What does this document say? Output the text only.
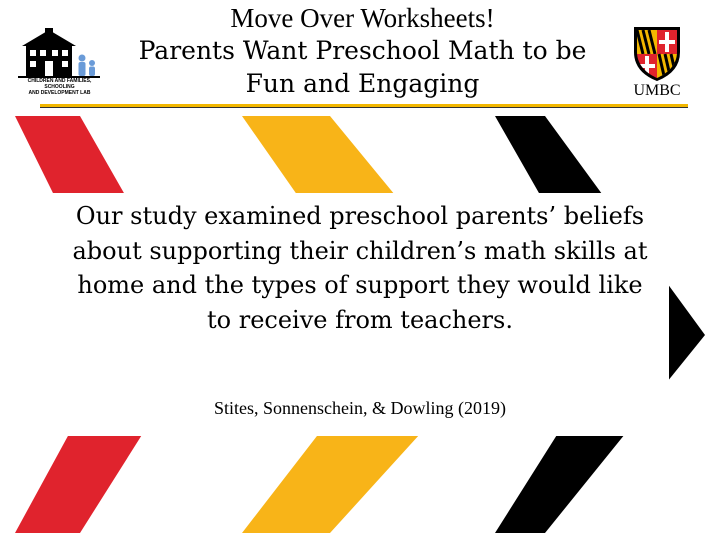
Move Over Worksheets!
Parents Want Preschool Math to be
Fun and Engaging
CHILDREN AND FAMILIES, SCHOOLING
AND DEVELOPMENT LAB	UMBC
Our study examined preschool parents’ beliefs about supporting their children’s math skills at home and the types of support they would like to receive from teachers.
Stites, Sonnenschein, & Dowling (2019)
